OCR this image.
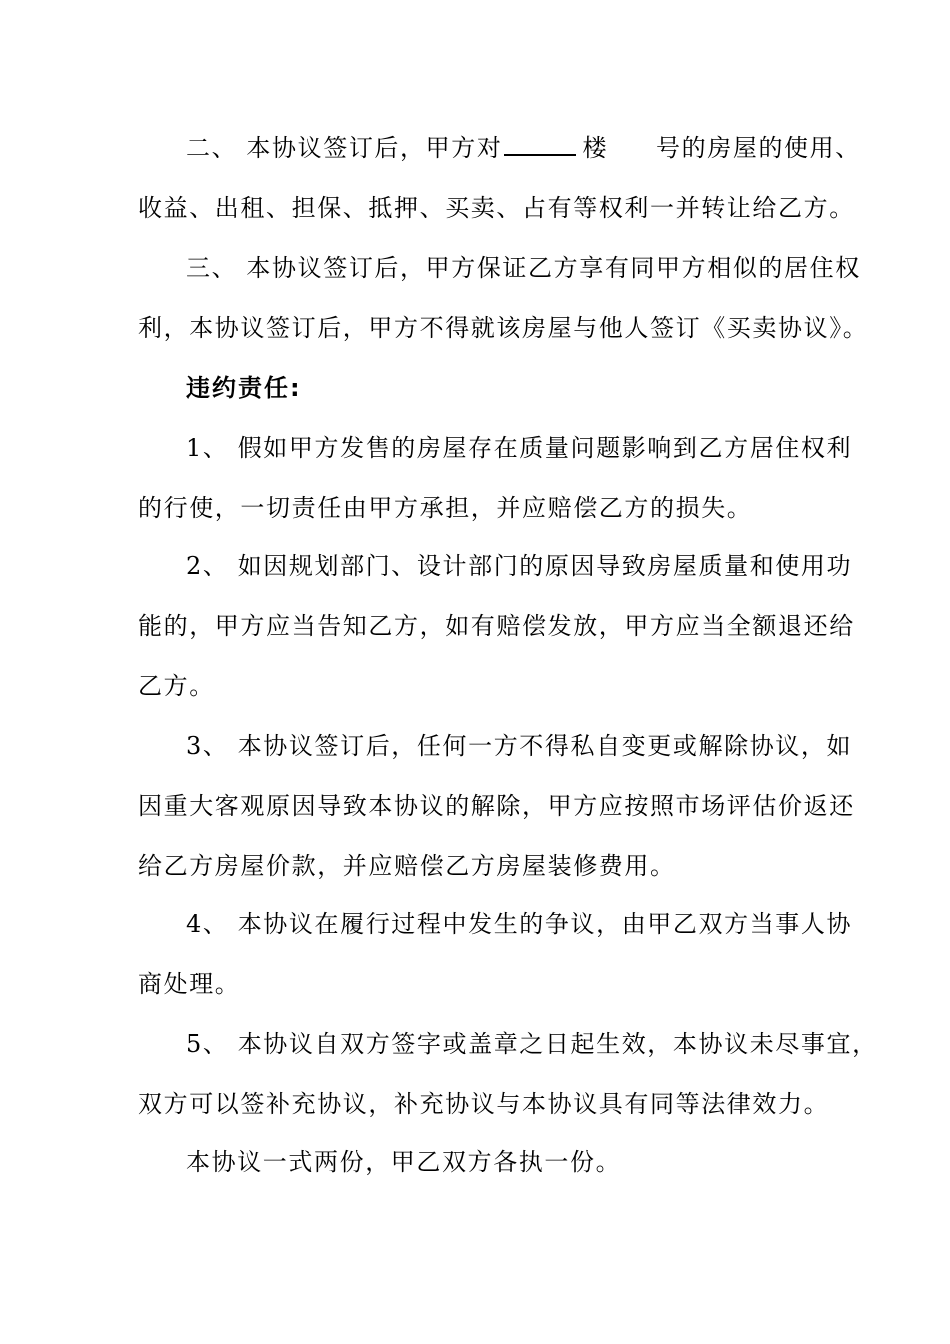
二、 本协议签订后，甲方对	楼 号的房屋的使用、
收益、出租、担保、抵押、买卖、占有等权利一并转让给乙方。
三、 本协议签订后，甲方保证乙方享有同甲方相似的居住权
利，本协议签订后，甲方不得就该房屋与他人签订《买卖协议》。
违约责任:
1、 假如甲方发售的房屋存在质量问题影响到乙方居住权利
的行使，一切责任由甲方承担，并应赔偿乙方的损失。
2、 如因规划部门、设计部门的原因导致房屋质量和使用功
能的，甲方应当告知乙方，如有赔偿发放，甲方应当全额退还给
乙方。
3、 本协议签订后，任何一方不得私自变更或解除协议，如
因重大客观原因导致本协议的解除，甲方应按照市场评估价返还
给乙方房屋价款，并应赔偿乙方房屋装修费用。
4、 本协议在履行过程中发生的争议，由甲乙双方当事人协
商处理。
5、 本协议自双方签字或盖章之日起生效，本协议未尽事宜，
双方可以签补充协议，补充协议与本协议具有同等法律效力。
本协议一式两份，甲乙双方各执一份。
